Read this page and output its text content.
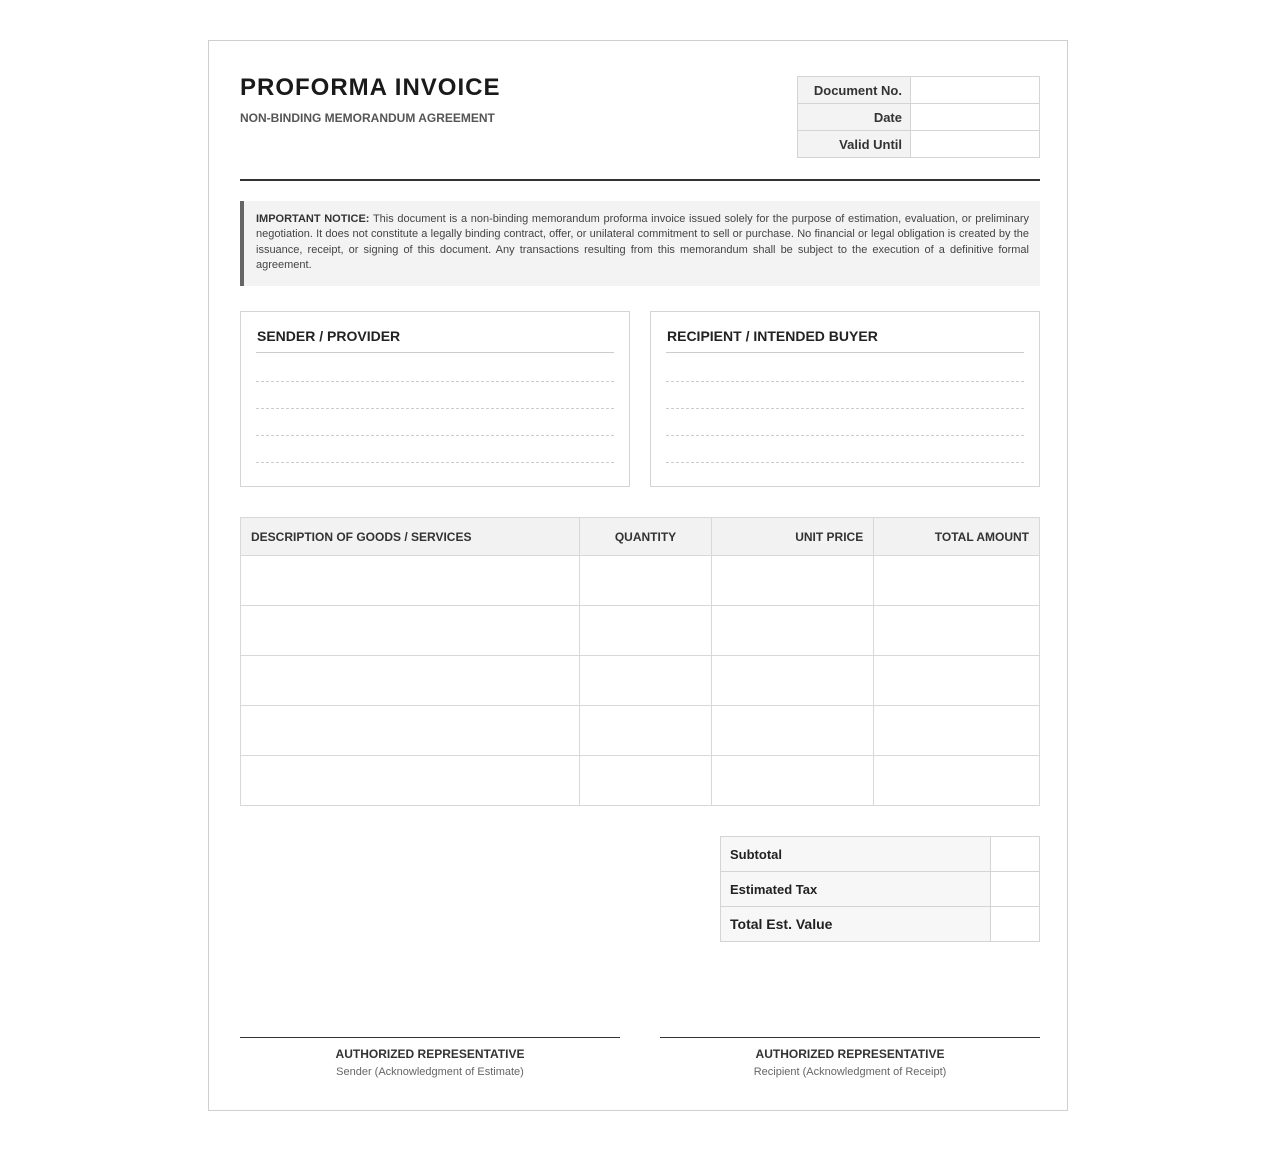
PROFORMA INVOICE

NON-BINDING MEMORANDUM AGREEMENT

Document No.	
Date	
Valid Until	
IMPORTANT NOTICE: This document is a non-binding memorandum proforma invoice issued solely for the purpose of estimation, evaluation, or preliminary negotiation. It does not constitute a legally binding contract, offer, or unilateral commitment to sell or purchase. No financial or legal obligation is created by the issuance, receipt, or signing of this document. Any transactions resulting from this memorandum shall be subject to the execution of a definitive formal agreement.
SENDER / PROVIDER	RECIPIENT / INTENDED BUYER
DESCRIPTION OF GOODS / SERVICES	QUANTITY	UNIT PRICE	TOTAL AMOUNT

Subtotal	
Estimated Tax	
Total Est. Value	
AUTHORIZED REPRESENTATIVE
Sender (Acknowledgment of Estimate)
AUTHORIZED REPRESENTATIVE
Recipient (Acknowledgment of Receipt)
